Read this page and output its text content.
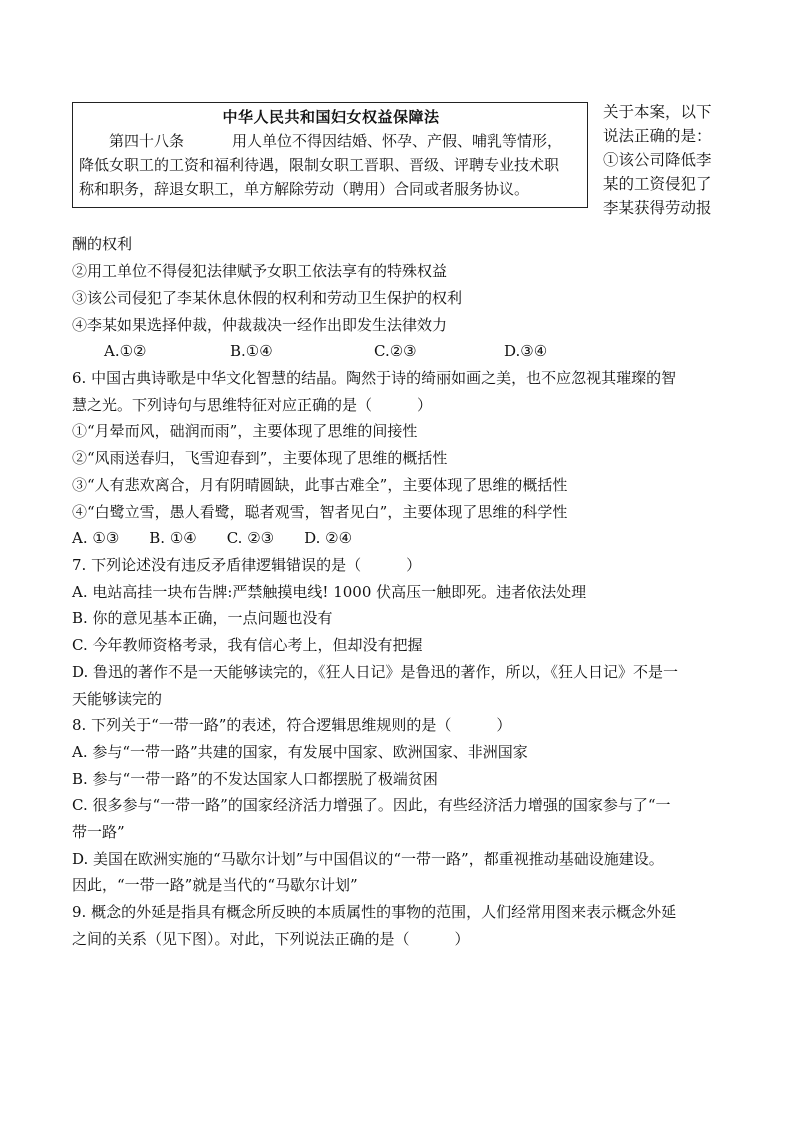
中华人民共和国妇女权益保障法
第四十八条	用人单位不得因结婚、怀孕、产假、哺乳等情形，
降低女职工的工资和福利待遇，限制女职工晋职、晋级、评聘专业技术职
称和职务，辞退女职工，单方解除劳动（聘用）合同或者服务协议。
关于本案，以下
说法正确的是：
①该公司降低李
某的工资侵犯了
李某获得劳动报
酬的权利
②用工单位不得侵犯法律赋予女职工依法享有的特殊权益
③该公司侵犯了李某休息休假的权利和劳动卫生保护的权利
④李某如果选择仲裁，仲裁裁决一经作出即发生法律效力
A.①②	B.①④	C.②③	D.③④
6. 中国古典诗歌是中华文化智慧的结晶。陶然于诗的绮丽如画之美，也不应忽视其璀璨的智
慧之光。下列诗句与思维特征对应正确的是（　　　）
①“月晕而风，础润而雨”，主要体现了思维的间接性
②“风雨送春归，飞雪迎春到”，主要体现了思维的概括性
③“人有悲欢离合，月有阴晴圆缺，此事古难全”，主要体现了思维的概括性
④“白鹭立雪，愚人看鹭，聪者观雪，智者见白”，主要体现了思维的科学性
A. ①③　　B. ①④　　C. ②③　　D. ②④
7. 下列论述没有违反矛盾律逻辑错误的是（　　　）
A. 电站高挂一块布告牌:严禁触摸电线! 1000 伏高压一触即死。违者依法处理
B. 你的意见基本正确，一点问题也没有
C. 今年教师资格考录，我有信心考上，但却没有把握
D. 鲁迅的著作不是一天能够读完的，《狂人日记》是鲁迅的著作，所以，《狂人日记》不是一
天能够读完的
8. 下列关于“一带一路”的表述，符合逻辑思维规则的是（　　　）
A. 参与“一带一路”共建的国家，有发展中国家、欧洲国家、非洲国家
B. 参与“一带一路”的不发达国家人口都摆脱了极端贫困
C. 很多参与“一带一路”的国家经济活力增强了。因此，有些经济活力增强的国家参与了“一
带一路”
D. 美国在欧洲实施的“马歇尔计划”与中国倡议的“一带一路”，都重视推动基础设施建设。
因此，“一带一路”就是当代的“马歇尔计划”
9. 概念的外延是指具有概念所反映的本质属性的事物的范围，人们经常用图来表示概念外延
之间的关系（见下图）。对此，下列说法正确的是（　　　）
